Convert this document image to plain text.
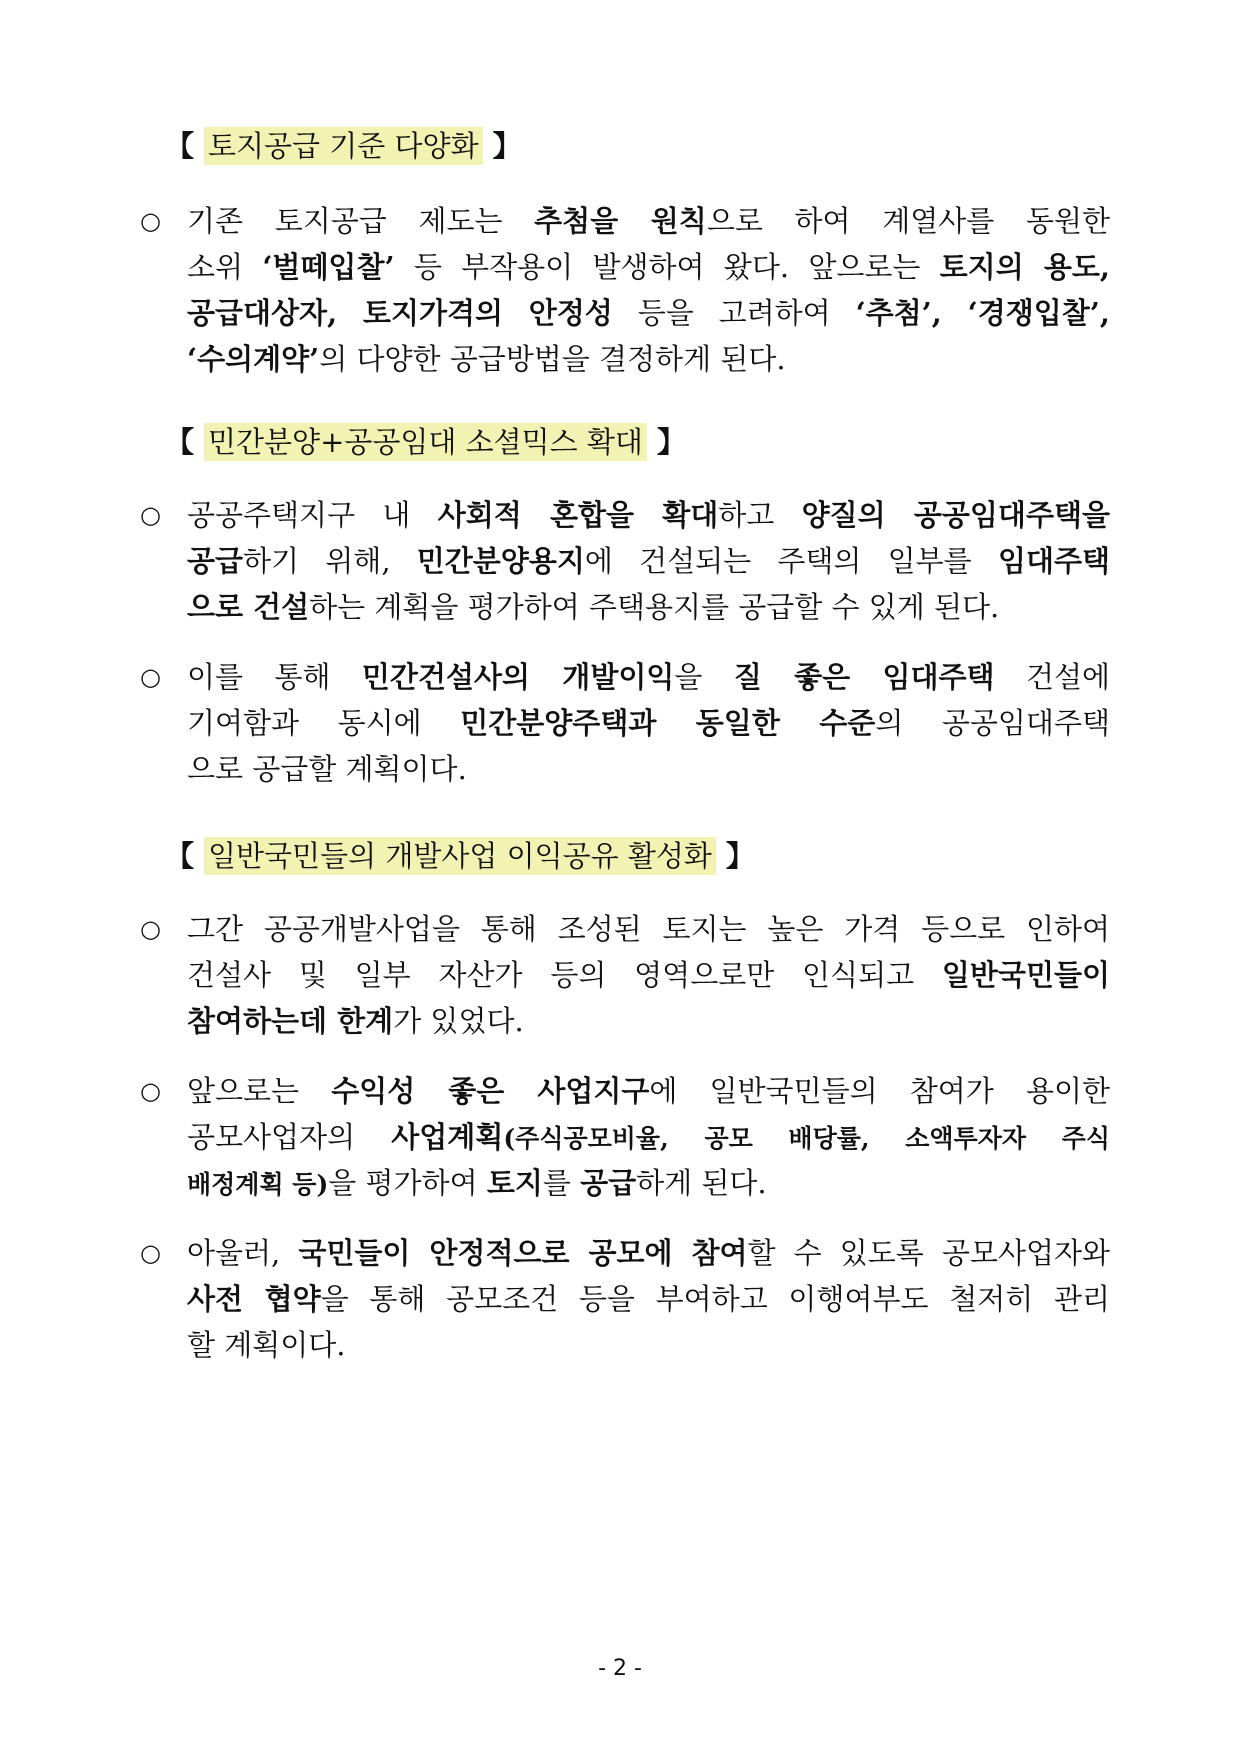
【 토지공급 기준 다양화 】
○ 기존 토지공급 제도는 추첨을 원칙으로 하여 계열사를 동원한
소위 ‘벌떼입찰’ 등 부작용이 발생하여 왔다. 앞으로는 토지의 용도,
공급대상자, 토지가격의 안정성 등을 고려하여 ‘추첨’, ‘경쟁입찰’,
‘수의계약’의 다양한 공급방법을 결정하게 된다.
【 민간분양+공공임대 소셜믹스 확대 】
○ 공공주택지구 내 사회적 혼합을 확대하고 양질의 공공임대주택을
공급하기 위해, 민간분양용지에 건설되는 주택의 일부를 임대주택
으로 건설하는 계획을 평가하여 주택용지를 공급할 수 있게 된다.
○ 이를 통해 민간건설사의 개발이익을 질 좋은 임대주택 건설에
기여함과 동시에 민간분양주택과 동일한 수준의 공공임대주택
으로 공급할 계획이다.
【 일반국민들의 개발사업 이익공유 활성화 】
○ 그간 공공개발사업을 통해 조성된 토지는 높은 가격 등으로 인하여
건설사 및 일부 자산가 등의 영역으로만 인식되고 일반국민들이
참여하는데 한계가 있었다.
○ 앞으로는 수익성 좋은 사업지구에 일반국민들의 참여가 용이한
공모사업자의 사업계획(주식공모비율, 공모 배당률, 소액투자자 주식
배정계획 등)을 평가하여 토지를 공급하게 된다.
○ 아울러, 국민들이 안정적으로 공모에 참여할 수 있도록 공모사업자와
사전 협약을 통해 공모조건 등을 부여하고 이행여부도 철저히 관리
할 계획이다.
- 2 -
